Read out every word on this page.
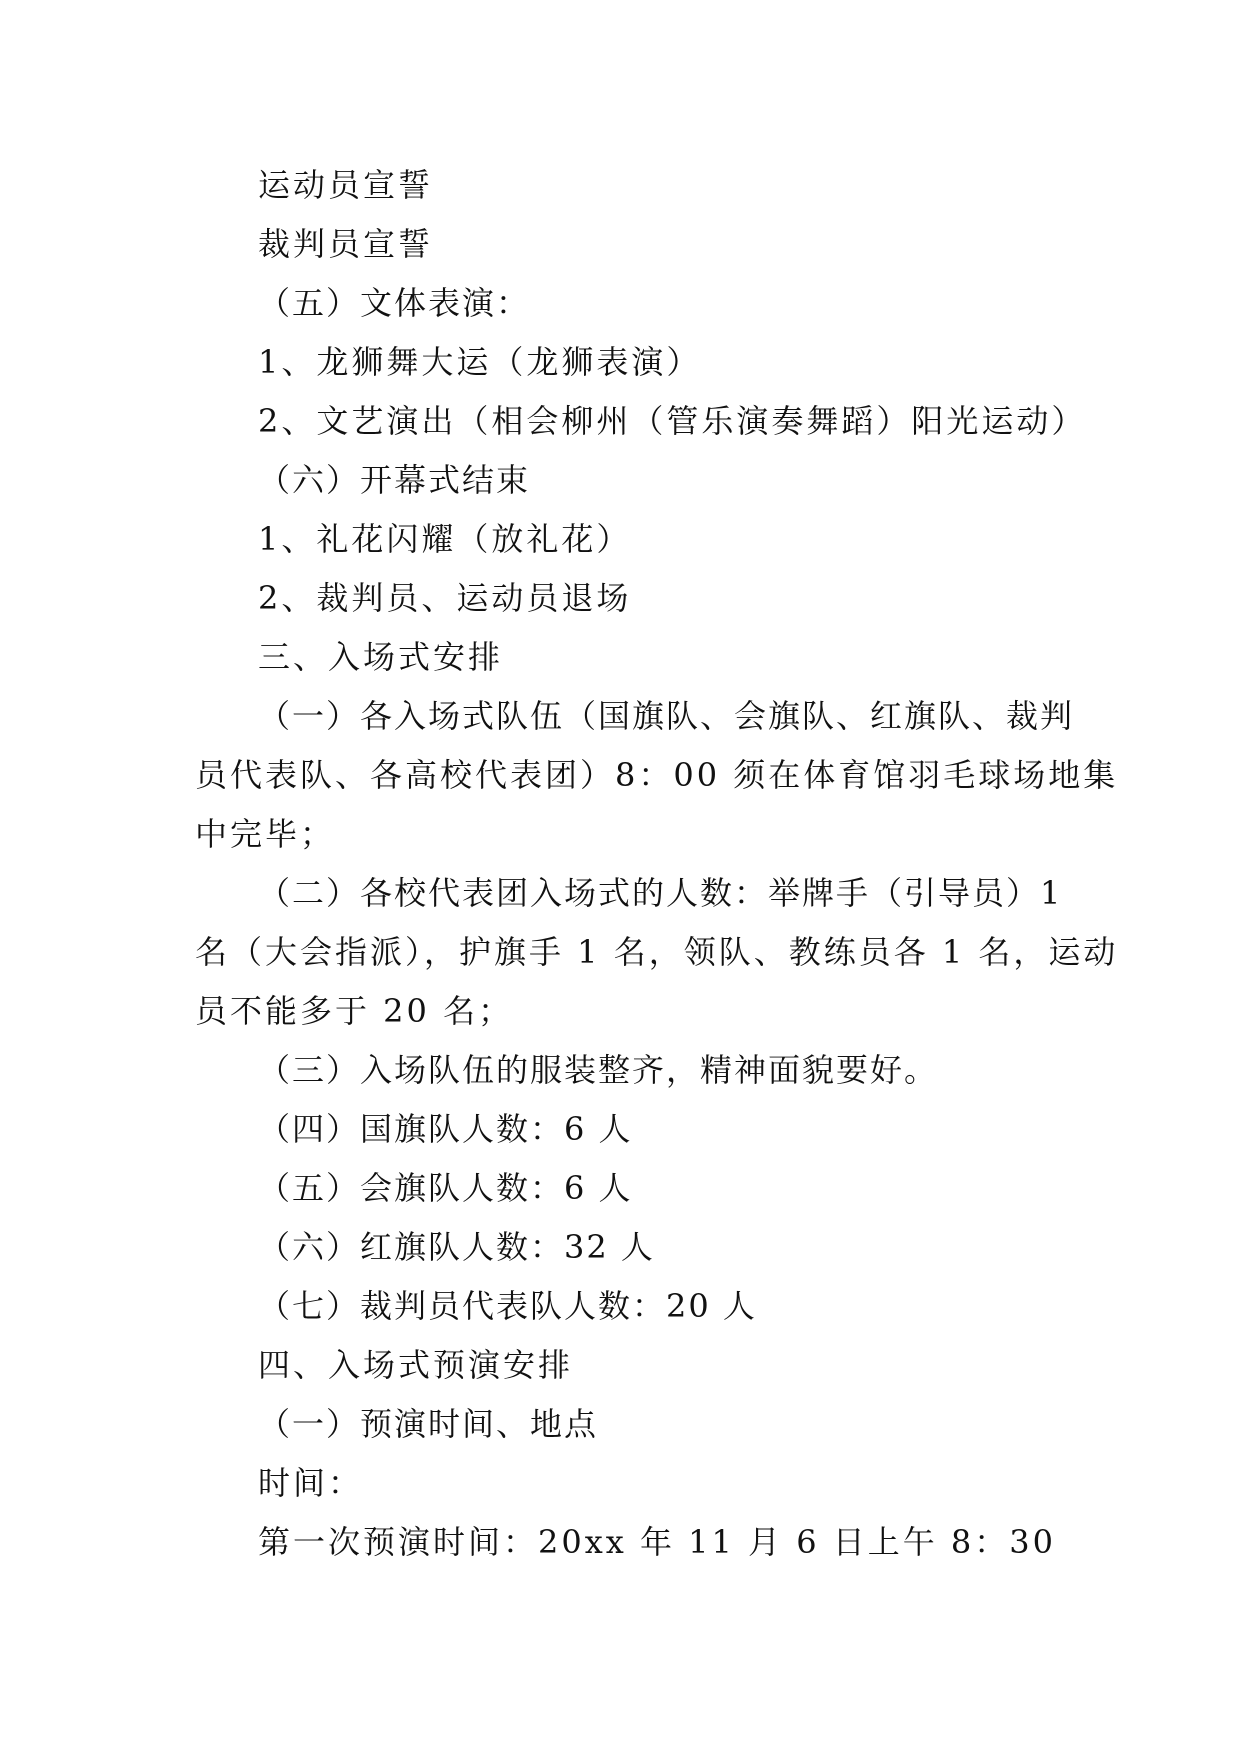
运动员宣誓
裁判员宣誓
（五）文体表演：
1、龙狮舞大运（龙狮表演）
2、文艺演出（相会柳州（管乐演奏舞蹈）阳光运动）
（六）开幕式结束
1、礼花闪耀（放礼花）
2、裁判员、运动员退场
三、入场式安排
（一）各入场式队伍（国旗队、会旗队、红旗队、裁判
员代表队、各高校代表团）8：00 须在体育馆羽毛球场地集
中完毕；
（二）各校代表团入场式的人数：举牌手（引导员）1
名（大会指派），护旗手 1 名，领队、教练员各 1 名，运动
员不能多于 20 名；
（三）入场队伍的服装整齐，精神面貌要好。
（四）国旗队人数：6 人
（五）会旗队人数：6 人
（六）红旗队人数：32 人
（七）裁判员代表队人数：20 人
四、入场式预演安排
（一）预演时间、地点
时间：
第一次预演时间：20xx 年 11 月 6 日上午 8：30
